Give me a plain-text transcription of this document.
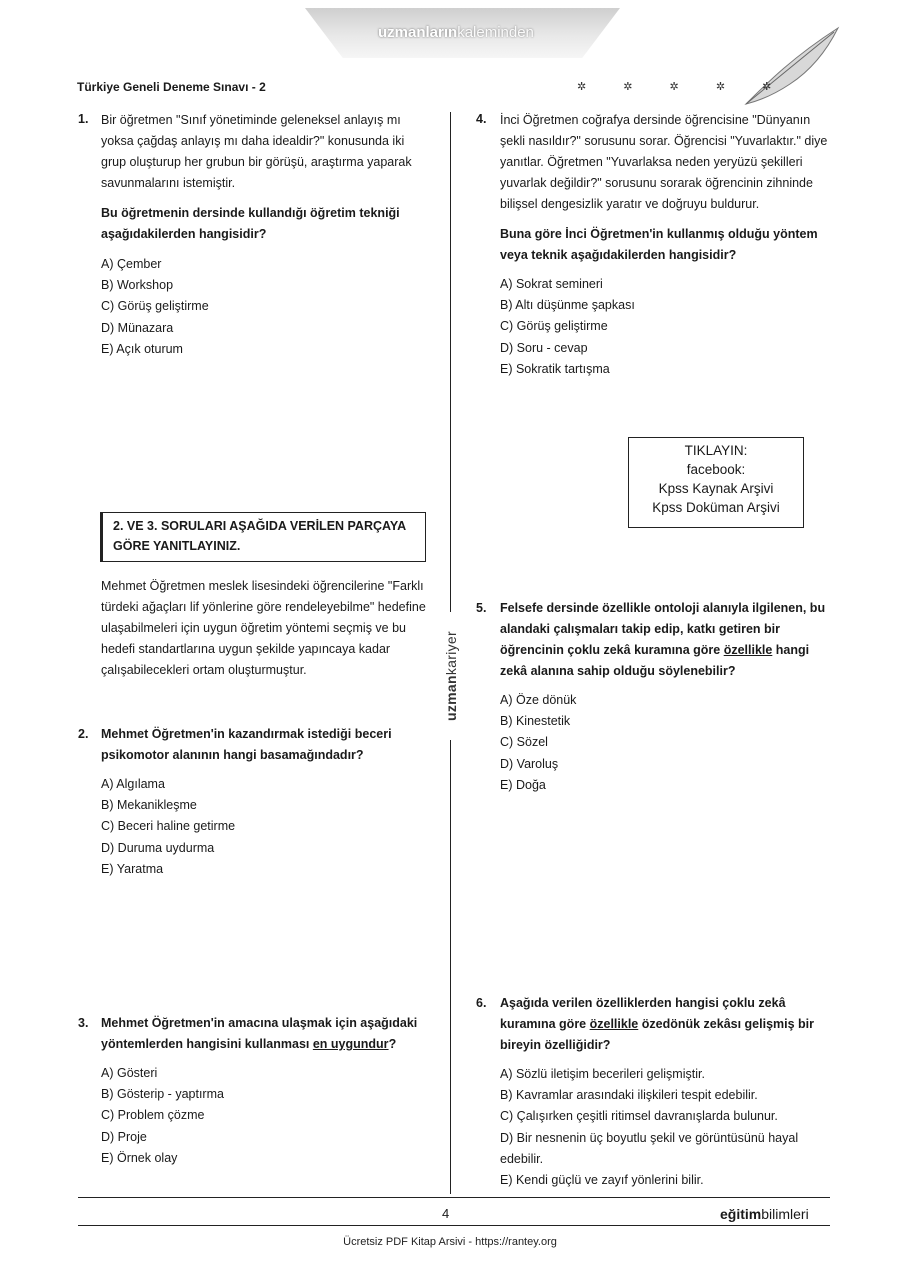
uzmanlarınkaleminden
Türkiye Geneli Deneme Sınavı - 2	✲ ✲ ✲ ✲ ✲
1. Bir öğretmen "Sınıf yönetiminde geleneksel anlayış mı yoksa çağdaş anlayış mı daha idealdir?" konusunda iki grup oluşturup her grubun bir görüşü, araştırma yaparak savunmalarını istemiştir.
Bu öğretmenin dersinde kullandığı öğretim tekniği aşağıdakilerden hangisidir?
A) Çember
B) Workshop
C) Görüş geliştirme
D) Münazara
E) Açık oturum
2. VE 3. SORULARI AŞAĞIDA VERİLEN PARÇAYA GÖRE YANITLAYINIZ.
Mehmet Öğretmen meslek lisesindeki öğrencilerine "Farklı türdeki ağaçları lif yönlerine göre rendeleyebilme" hedefine ulaşabilmeleri için uygun öğretim yöntemi seçmiş ve bu hedefi standartlarına uygun şekilde yapıncaya kadar çalışabilecekleri ortam oluşturmuştur.
2. Mehmet Öğretmen'in kazandırmak istediği beceri psikomotor alanının hangi basamağındadır?
A) Algılama
B) Mekanikleşme
C) Beceri haline getirme
D) Duruma uydurma
E) Yaratma
3. Mehmet Öğretmen'in amacına ulaşmak için aşağıdaki yöntemlerden hangisini kullanması en uygundur?
A) Gösteri
B) Gösterip - yaptırma
C) Problem çözme
D) Proje
E) Örnek olay
uzmankariyer
4. İnci Öğretmen coğrafya dersinde öğrencisine "Dünyanın şekli nasıldır?" sorusunu sorar. Öğrencisi "Yuvarlaktır." diye yanıtlar. Öğretmen "Yuvarlaksa neden yeryüzü şekilleri yuvarlak değildir?" sorusunu sorarak öğrencinin zihninde bilişsel dengesizlik yaratır ve doğruyu buldurur.
Buna göre İnci Öğretmen'in kullanmış olduğu yöntem veya teknik aşağıdakilerden hangisidir?
A) Sokrat semineri
B) Altı düşünme şapkası
C) Görüş geliştirme
D) Soru - cevap
E) Sokratik tartışma
TIKLAYIN:
facebook:
Kpss Kaynak Arşivi
Kpss Doküman Arşivi
5. Felsefe dersinde özellikle ontoloji alanıyla ilgilenen, bu alandaki çalışmaları takip edip, katkı getiren bir öğrencinin çoklu zekâ kuramına göre özellikle hangi zekâ alanına sahip olduğu söylenebilir?
A) Öze dönük
B) Kinestetik
C) Sözel
D) Varoluş
E) Doğa
6. Aşağıda verilen özelliklerden hangisi çoklu zekâ kuramına göre özellikle özedönük zekâsı gelişmiş bir bireyin özelliğidir?
A) Sözlü iletişim becerileri gelişmiştir.
B) Kavramlar arasındaki ilişkileri tespit edebilir.
C) Çalışırken çeşitli ritimsel davranışlarda bulunur.
D) Bir nesnenin üç boyutlu şekil ve görüntüsünü hayal edebilir.
E) Kendi güçlü ve zayıf yönlerini bilir.
4	eğitimbilimleri
Ücretsiz PDF Kitap Arsivi - https://rantey.org
